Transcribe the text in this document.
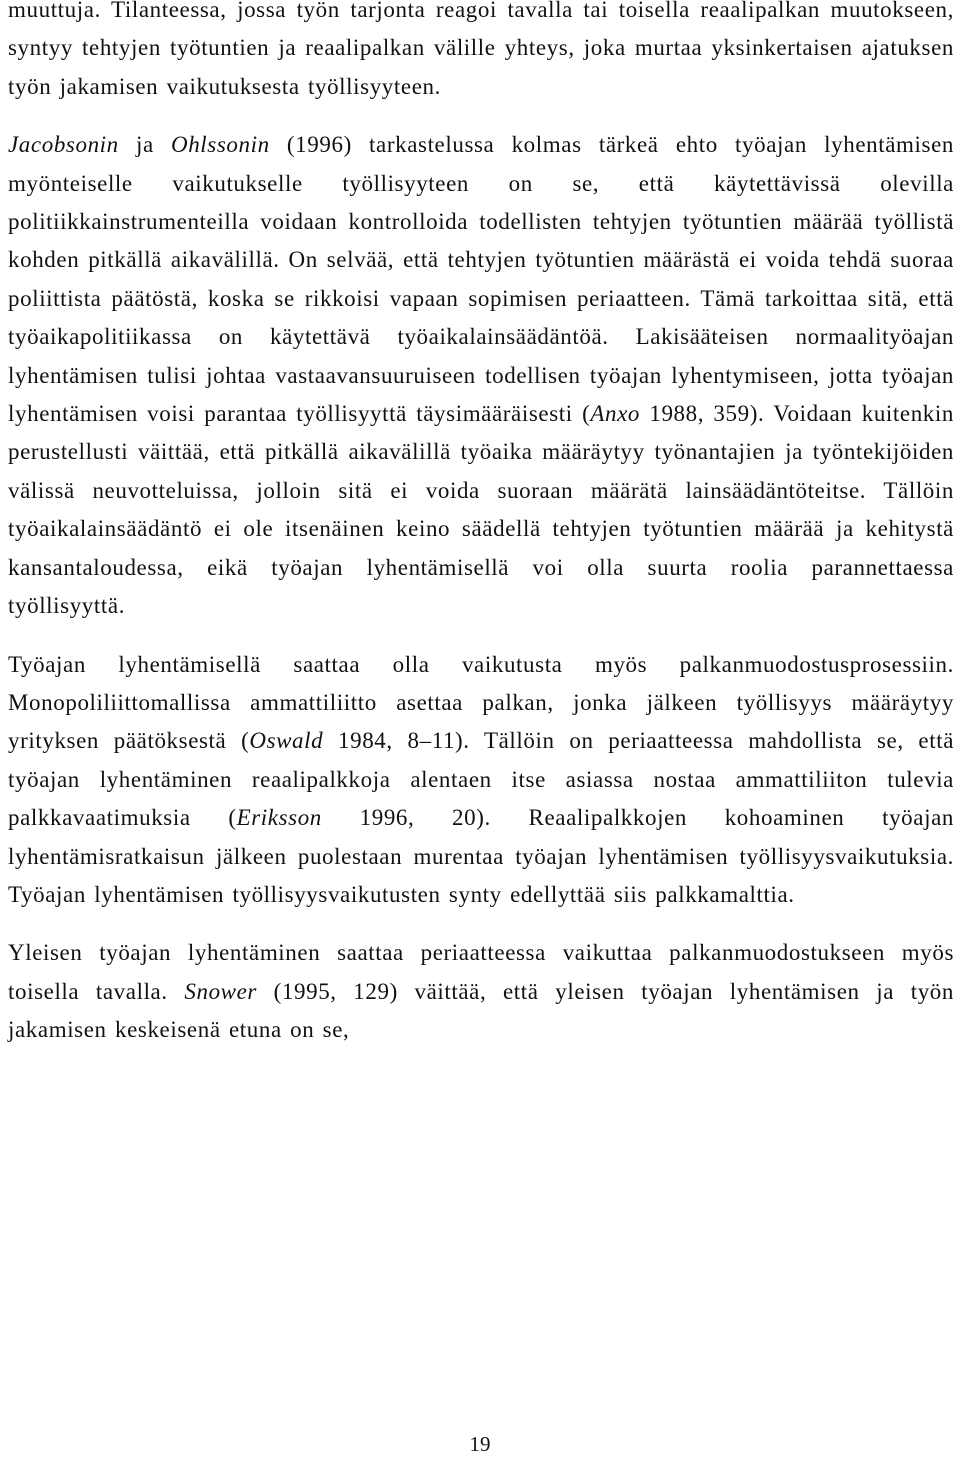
muuttuja. Tilanteessa, jossa työn tarjonta reagoi tavalla tai toisella reaalipalkan muutokseen, syntyy tehtyjen työtuntien ja reaalipalkan välille yhteys, joka murtaa yksinkertaisen ajatuksen työn jakamisen vaikutuksesta työllisyyteen.

Jacobsonin ja Ohlssonin (1996) tarkastelussa kolmas tärkeä ehto työajan lyhentämisen myönteiselle vaikutukselle työllisyyteen on se, että käytettävissä olevilla politiikkainstrumenteilla voidaan kontrolloida todellisten tehtyjen työtuntien määrää työllistä kohden pitkällä aikavälillä. On selvää, että tehtyjen työtuntien määrästä ei voida tehdä suoraa poliittista päätöstä, koska se rikkoisi vapaan sopimisen periaatteen. Tämä tarkoittaa sitä, että työaikapolitiikassa on käytettävä työaikalainsäädäntöä. Lakisääteisen normaalityöajan lyhentämisen tulisi johtaa vastaavansuuruiseen todellisen työajan lyhentymiseen, jotta työajan lyhentämisen voisi parantaa työllisyyttä täysimääräisesti (Anxo 1988, 359). Voidaan kuitenkin perustellusti väittää, että pitkällä aikavälillä työaika määräytyy työnantajien ja työntekijöiden välissä neuvotteluissa, jolloin sitä ei voida suoraan määrätä lainsäädäntöteitse. Tällöin työaikalainsäädäntö ei ole itsenäinen keino säädellä tehtyjen työtuntien määrää ja kehitystä kansantaloudessa, eikä työajan lyhentämisellä voi olla suurta roolia parannettaessa työllisyyttä.

Työajan lyhentämisellä saattaa olla vaikutusta myös palkanmuodostusprosessiin. Monopoliliittomallissa ammattiliitto asettaa palkan, jonka jälkeen työllisyys määräytyy yrityksen päätöksestä (Oswald 1984, 8–11). Tällöin on periaatteessa mahdollista se, että työajan lyhentäminen reaalipalkkoja alentaen itse asiassa nostaa ammattiliiton tulevia palkkavaatimuksia (Eriksson 1996, 20). Reaalipalkkojen kohoaminen työajan lyhentämisratkaisun jälkeen puolestaan murentaa työajan lyhentämisen työllisyysvaikutuksia. Työajan lyhentämisen työllisyysvaikutusten synty edellyttää siis palkkamalttia.

Yleisen työajan lyhentäminen saattaa periaatteessa vaikuttaa palkanmuodostukseen myös toisella tavalla. Snower (1995, 129) väittää, että yleisen työajan lyhentämisen ja työn jakamisen keskeisenä etuna on se,

19
